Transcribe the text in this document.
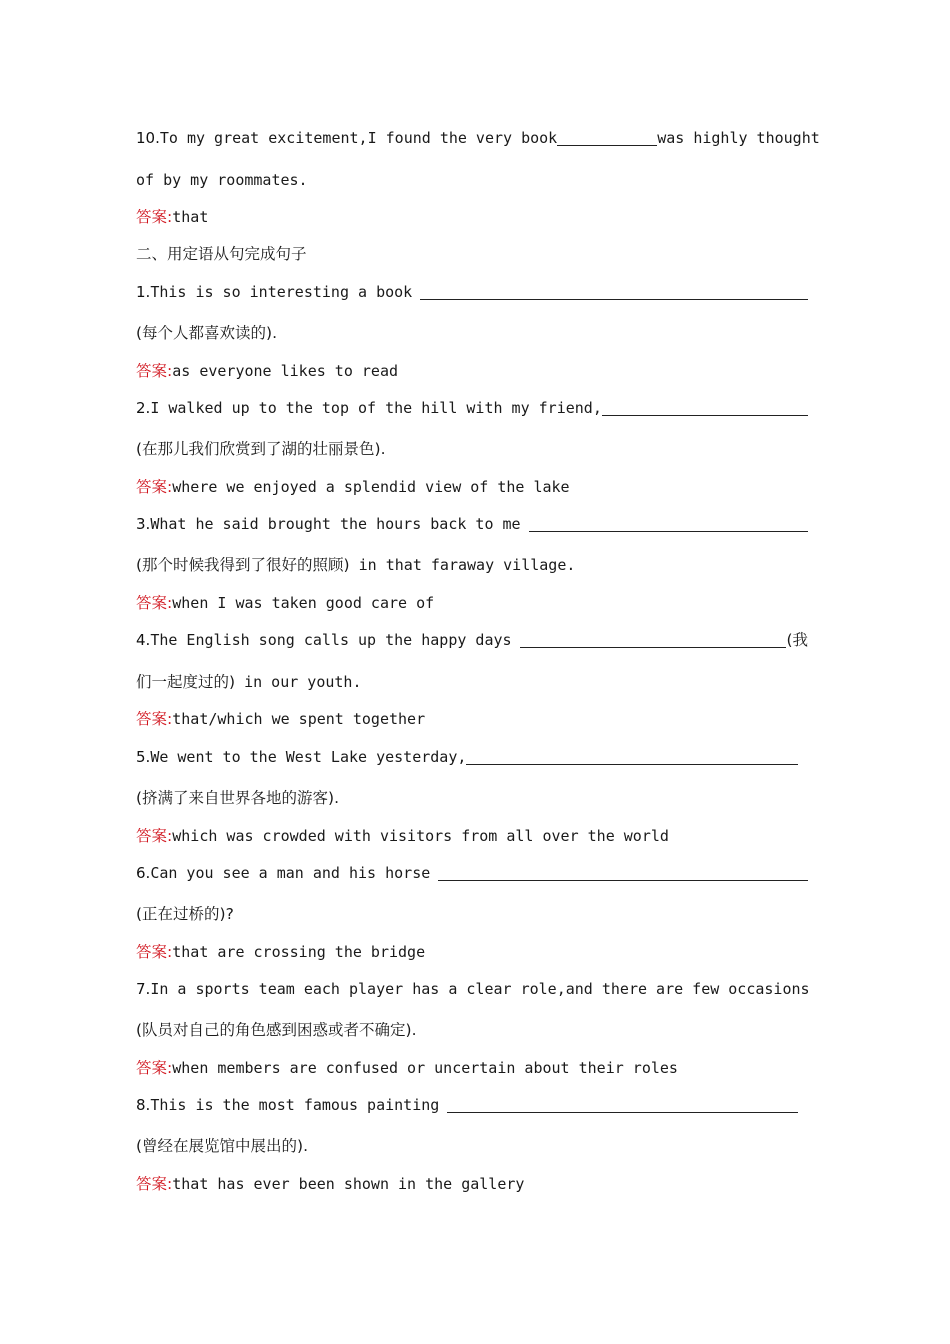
10. To my great excitement,I found the very book	was highly thought
of by my roommates.
答案: that
二、用定语从句完成句子
1. This is so interesting a book
(每个人都喜欢读的).
答案: as everyone likes to read
2. I walked up to the top of the hill with my friend,
(在那儿我们欣赏到了湖的壮丽景色).
答案: where we enjoyed a splendid view of the lake
3. What he said brought the hours back to me
(那个时候我得到了很好的照顾) in that faraway village.
答案: when I was taken good care of
4. The English song calls up the happy days	(我
们一起度过的) in our youth.
答案: that/which we spent together
5. We went to the West Lake yesterday,
(挤满了来自世界各地的游客).
答案: which was crowded with visitors from all over the world
6. Can you see a man and his horse
(正在过桥的)?
答案: that are crossing the bridge
7. In a sports team each player has a clear role,and there are few occasions
(队员对自己的角色感到困惑或者不确定).
答案: when members are confused or uncertain about their roles
8. This is the most famous painting
(曾经在展览馆中展出的).
答案: that has ever been shown in the gallery
